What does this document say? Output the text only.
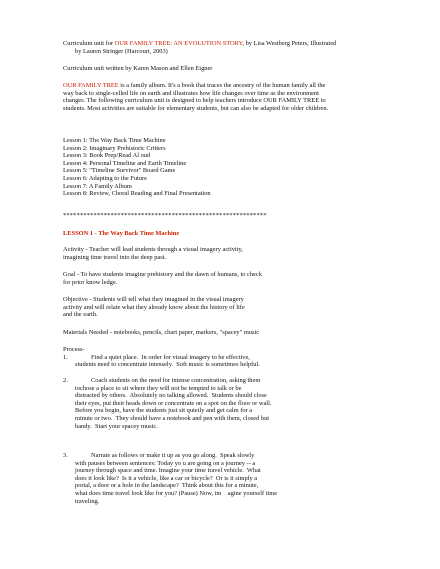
Curriculum unit for OUR FAMILY TREE: AN EVOLUTION STORY, by Lisa Westberg Peters, Illustrated
by Lauren Stringer (Harcourt, 2003)
Curriculum unit written by Karen Mason and Ellen Eigner
OUR FAMILY TREE is a family album. It's a book that traces the ancestry of the human family all the
way back to single-celled life on earth and illustrates how life changes over time as the environment
changes. The following curriculum unit is designed to help teachers introduce OUR FAMILY TREE to
students. Most activities are suitable for elementary students, but can also be adapted for older children.
Lesson 1: The Way Back Time Machine
Lesson 2: Imaginary Prehistoric Critters
Lesson 3: Book Prep/Read Al oud
Lesson 4: Personal Timeline and Earth Timeline
Lesson 5: "Timeline Survivor" Board Game
Lesson 6: Adapting to the Future
Lesson 7: A Family Album
Lesson 8: Review, Choral Reading and Final Presentation
************************************************************
LESSON 1 - The Way Back Time Machine
Activity - Teacher will lead students through a visual imagery activity,
imagining time travel into the deep past.
Goal - To have students imagine prehistory and the dawn of humans, to check
for prior know ledge.
Objective - Students will tell what they imagined in the visual imagery
activity and will relate what they already know about the history of life
and the earth.
Materials Needed - notebooks, pencils, chart paper, markers, "spacey" music
Process-
1.	Find a quiet place.  In order for visual imagery to be effective,
students need to concentrate intensely.  Soft music is sometimes helpful.
2.	Coach students on the need for intense concentration, asking them
tochose a place to sit where they will not be tempted to talk or be
distracted by others.  Absolutely no talking allowed.  Students should close
their eyes, put their heads down or concentrate on a spot on the floor or wall.
Before you begin, have the students just sit quietly and get calm for a
minute or two.  They should have a notebook and pen with them, closed but
handy.  Start your spacey music.
3.	Narrate as follows or make it up as you go along.  Speak slowly
with pauses between sentences: Today yo u are going on a journey -- a
journey through space and time. Imagine your time travel vehicle.  What
does it look like?  Is it a vehicle, like a car or bicycle?  Or is it simply a
portal, a door or a hole in the landscape?  Think about this for a minute,
what does time travel look like for you? (Pause) Now, im    agine yourself time
traveling.
